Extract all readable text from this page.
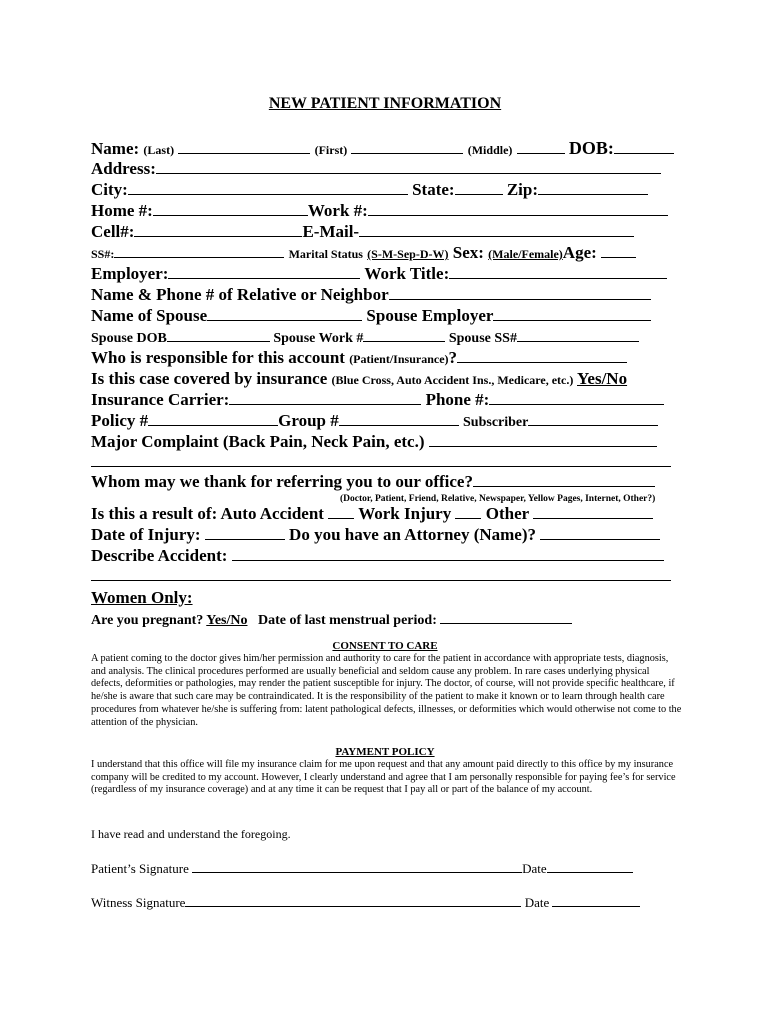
NEW PATIENT INFORMATION
Name: (Last)	(First)	(Middle)	DOB:
Address:
City:	State:	Zip:
Home #:	Work #:
Cell#:	E-Mail-
SS#:	Marital Status (S-M-Sep-D-W) Sex: (Male/Female)Age:
Employer:	Work Title:
Name & Phone # of Relative or Neighbor
Name of Spouse	Spouse Employer
Spouse DOB	Spouse Work #	Spouse SS#
Who is responsible for this account (Patient/Insurance)?
Is this case covered by insurance (Blue Cross, Auto Accident Ins., Medicare, etc.) Yes/No
Insurance Carrier:	Phone #:
Policy #	Group #	Subscriber
Major Complaint (Back Pain, Neck Pain, etc.)
Whom may we thank for referring you to our office?
(Doctor, Patient, Friend, Relative, Newspaper, Yellow Pages, Internet, Other?)
Is this a result of: Auto Accident Work Injury Other
Date of Injury:	Do you have an Attorney (Name)?
Describe Accident:
Women Only:
Are you pregnant? Yes/No Date of last menstrual period:
CONSENT TO CARE
A patient coming to the doctor gives him/her permission and authority to care for the patient in accordance with appropriate tests, diagnosis, and analysis. The clinical procedures performed are usually beneficial and seldom cause any problem. In rare cases underlying physical defects, deformities or pathologies, may render the patient susceptible for injury. The doctor, of course, will not provide specific healthcare, if he/she is aware that such care may be contraindicated. It is the responsibility of the patient to make it known or to learn through health care procedures from whatever he/she is suffering from: latent pathological defects, illnesses, or deformities which would otherwise not come to the attention of the physician.
PAYMENT POLICY
I understand that this office will file my insurance claim for me upon request and that any amount paid directly to this office by my insurance company will be credited to my account. However, I clearly understand and agree that I am personally responsible for paying fee’s for service (regardless of my insurance coverage) and at any time it can be request that I pay all or part of the balance of my account.
I have read and understand the foregoing.
Patient’s Signature	Date
Witness Signature	Date
